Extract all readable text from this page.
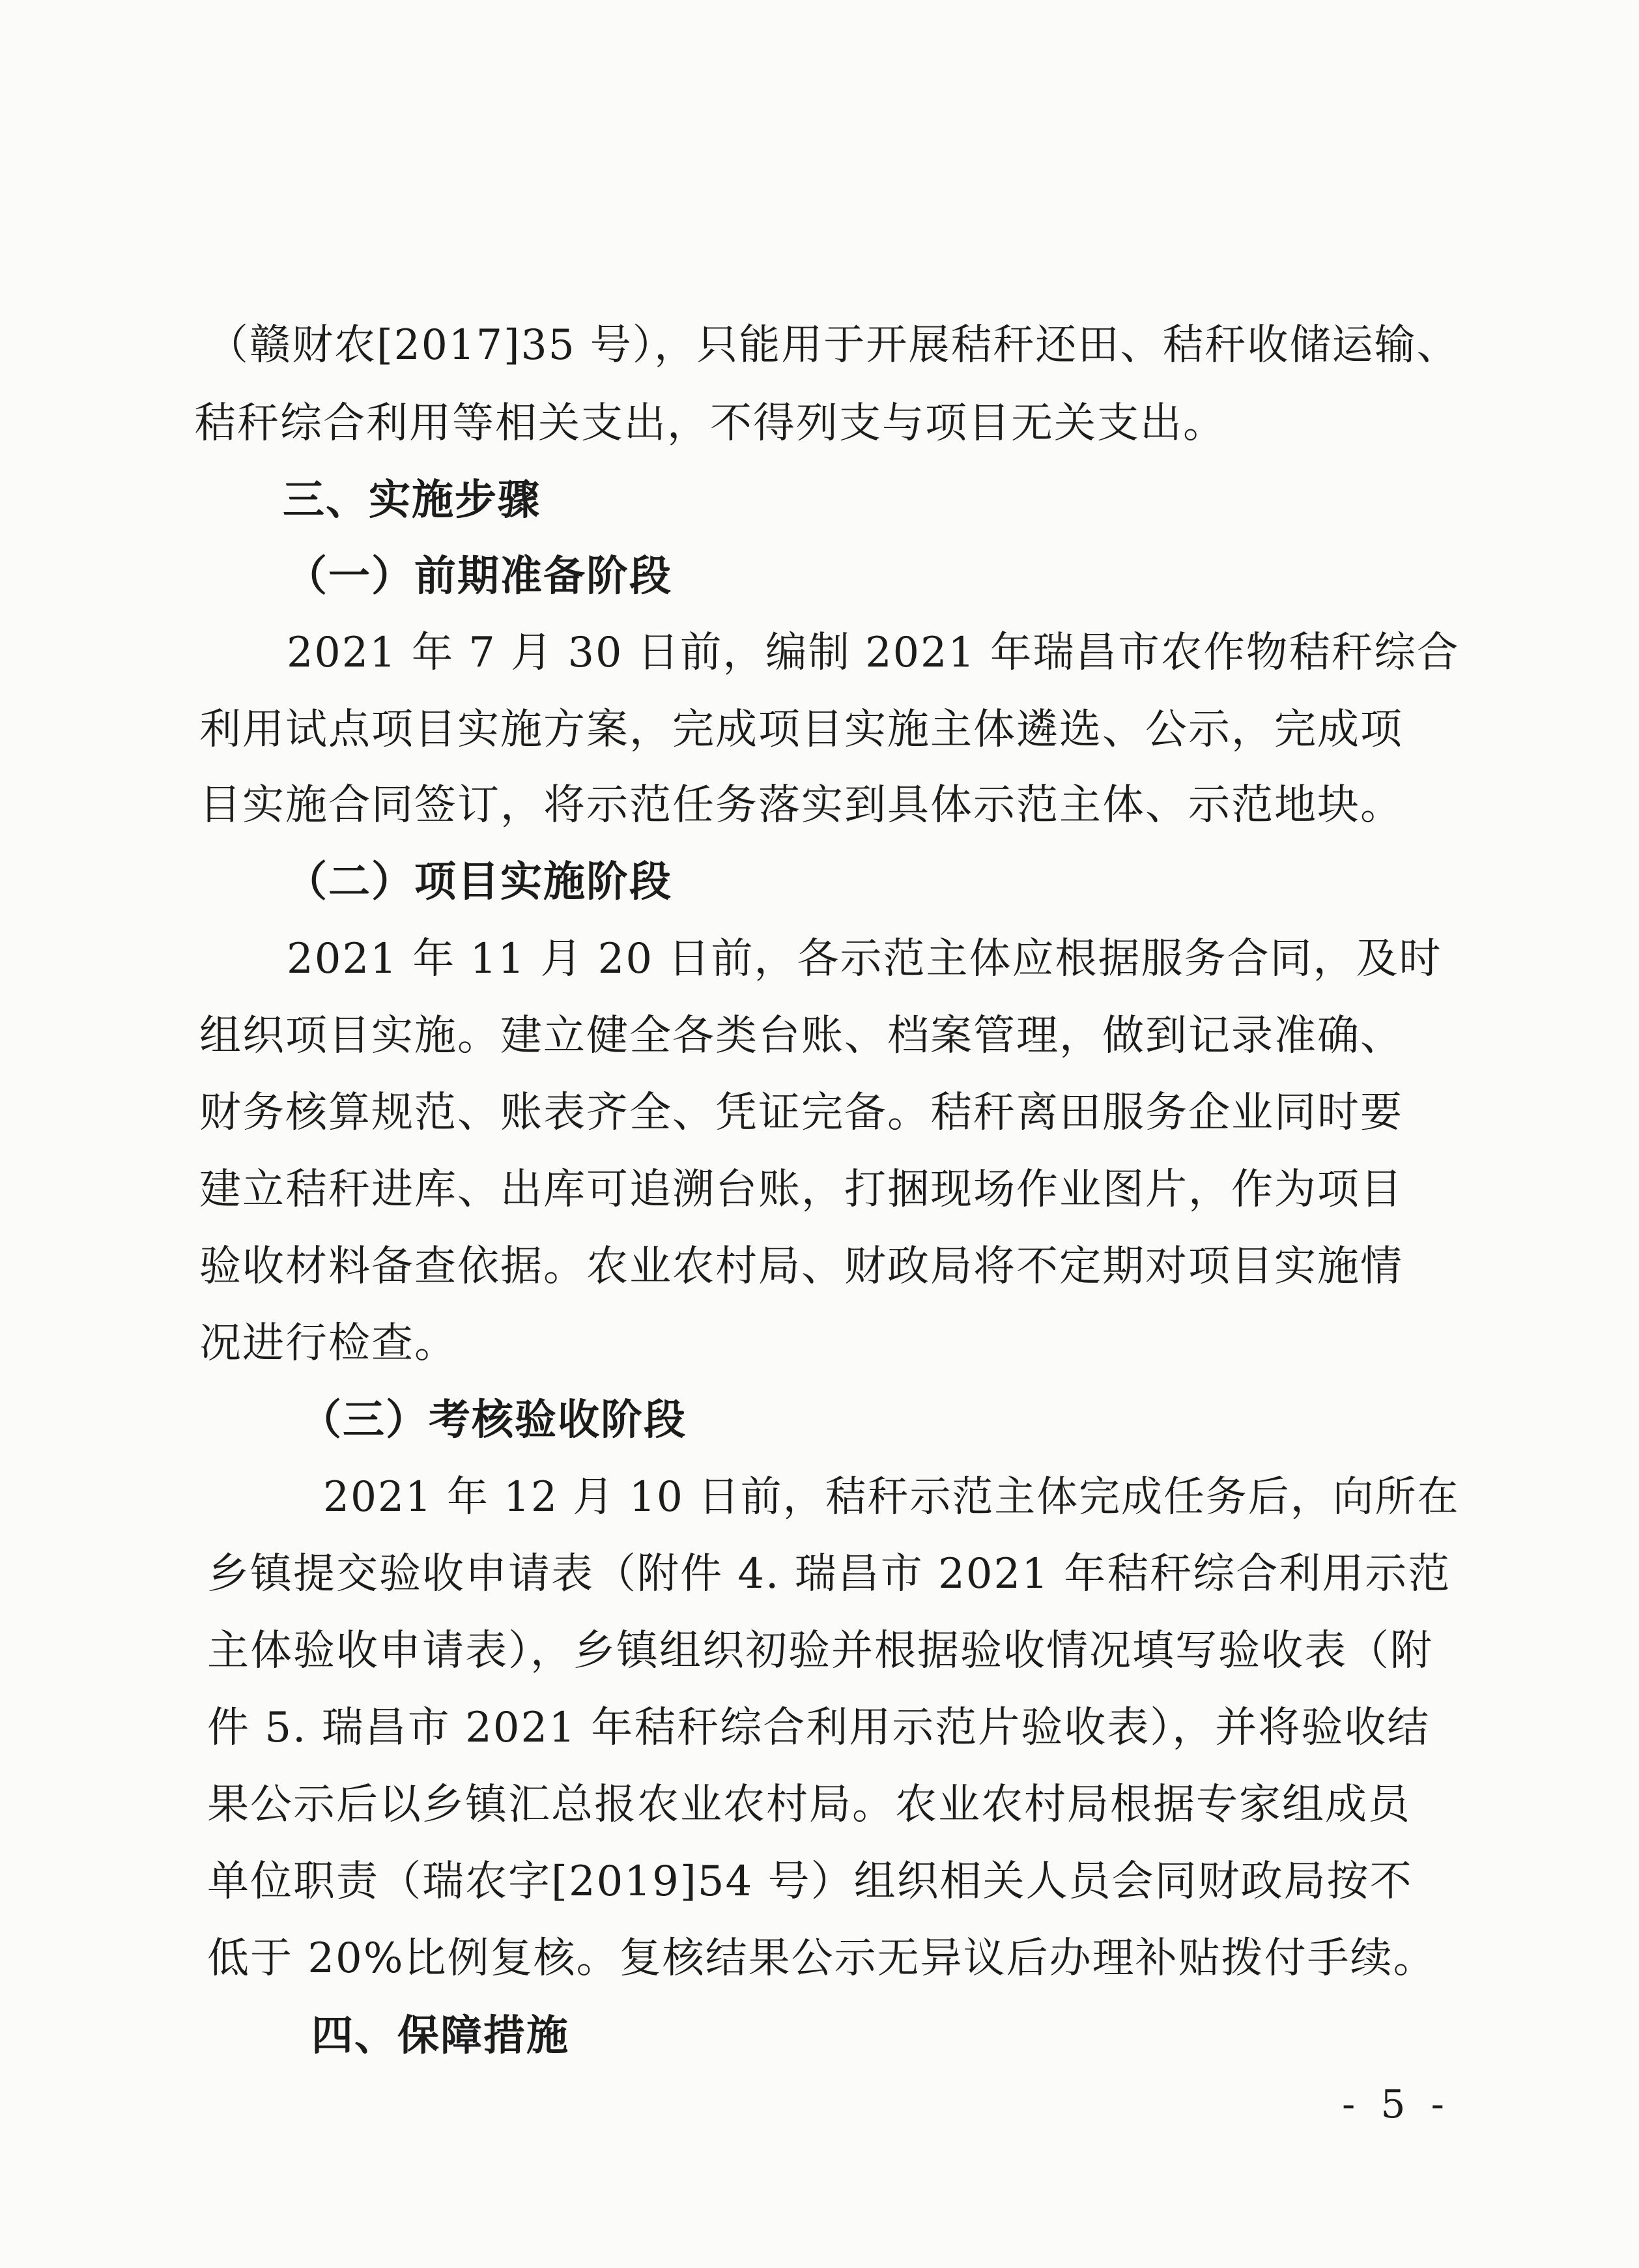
（赣财农[2017]35 号），只能用于开展秸秆还田、秸秆收储运输、
秸秆综合利用等相关支出，不得列支与项目无关支出。
三、实施步骤
（一）前期准备阶段
2021 年 7 月 30 日前，编制 2021 年瑞昌市农作物秸秆综合
利用试点项目实施方案，完成项目实施主体遴选、公示，完成项
目实施合同签订，将示范任务落实到具体示范主体、示范地块。
（二）项目实施阶段
2021 年 11 月 20 日前，各示范主体应根据服务合同，及时
组织项目实施。建立健全各类台账、档案管理，做到记录准确、
财务核算规范、账表齐全、凭证完备。秸秆离田服务企业同时要
建立秸秆进库、出库可追溯台账，打捆现场作业图片，作为项目
验收材料备查依据。农业农村局、财政局将不定期对项目实施情
况进行检查。
（三）考核验收阶段
2021 年 12 月 10 日前，秸秆示范主体完成任务后，向所在
乡镇提交验收申请表（附件 4. 瑞昌市 2021 年秸秆综合利用示范
主体验收申请表），乡镇组织初验并根据验收情况填写验收表（附
件 5. 瑞昌市 2021 年秸秆综合利用示范片验收表），并将验收结
果公示后以乡镇汇总报农业农村局。农业农村局根据专家组成员
单位职责（瑞农字[2019]54 号）组织相关人员会同财政局按不
低于 20%比例复核。复核结果公示无异议后办理补贴拨付手续。
四、保障措施
- 5 -
